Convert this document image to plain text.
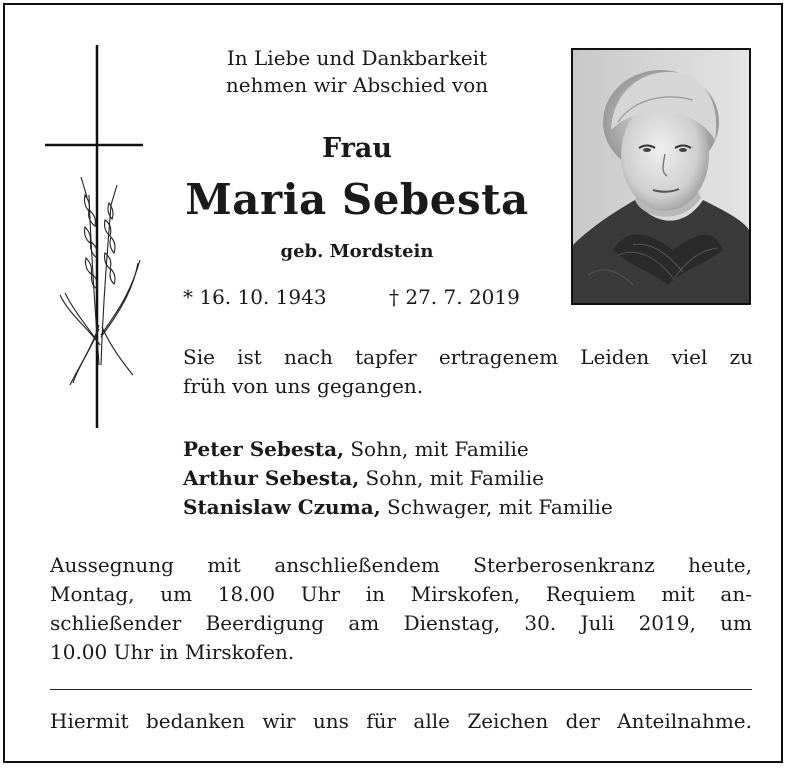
In Liebe und Dankbarkeit
nehmen wir Abschied von
Frau
Maria Sebesta
geb. Mordstein
* 16. 10. 1943	† 27. 7. 2019
Sie ist nach tapfer ertragenem Leiden viel zu
früh von uns gegangen.
Peter Sebesta, Sohn, mit Familie
Arthur Sebesta, Sohn, mit Familie
Stanislaw Czuma, Schwager, mit Familie
Aussegnung mit anschließendem Sterberosenkranz heute,
Montag, um 18.00 Uhr in Mirskofen, Requiem mit an-
schließender Beerdigung am Dienstag, 30. Juli 2019, um
10.00 Uhr in Mirskofen.
Hiermit bedanken wir uns für alle Zeichen der Anteilnahme.
